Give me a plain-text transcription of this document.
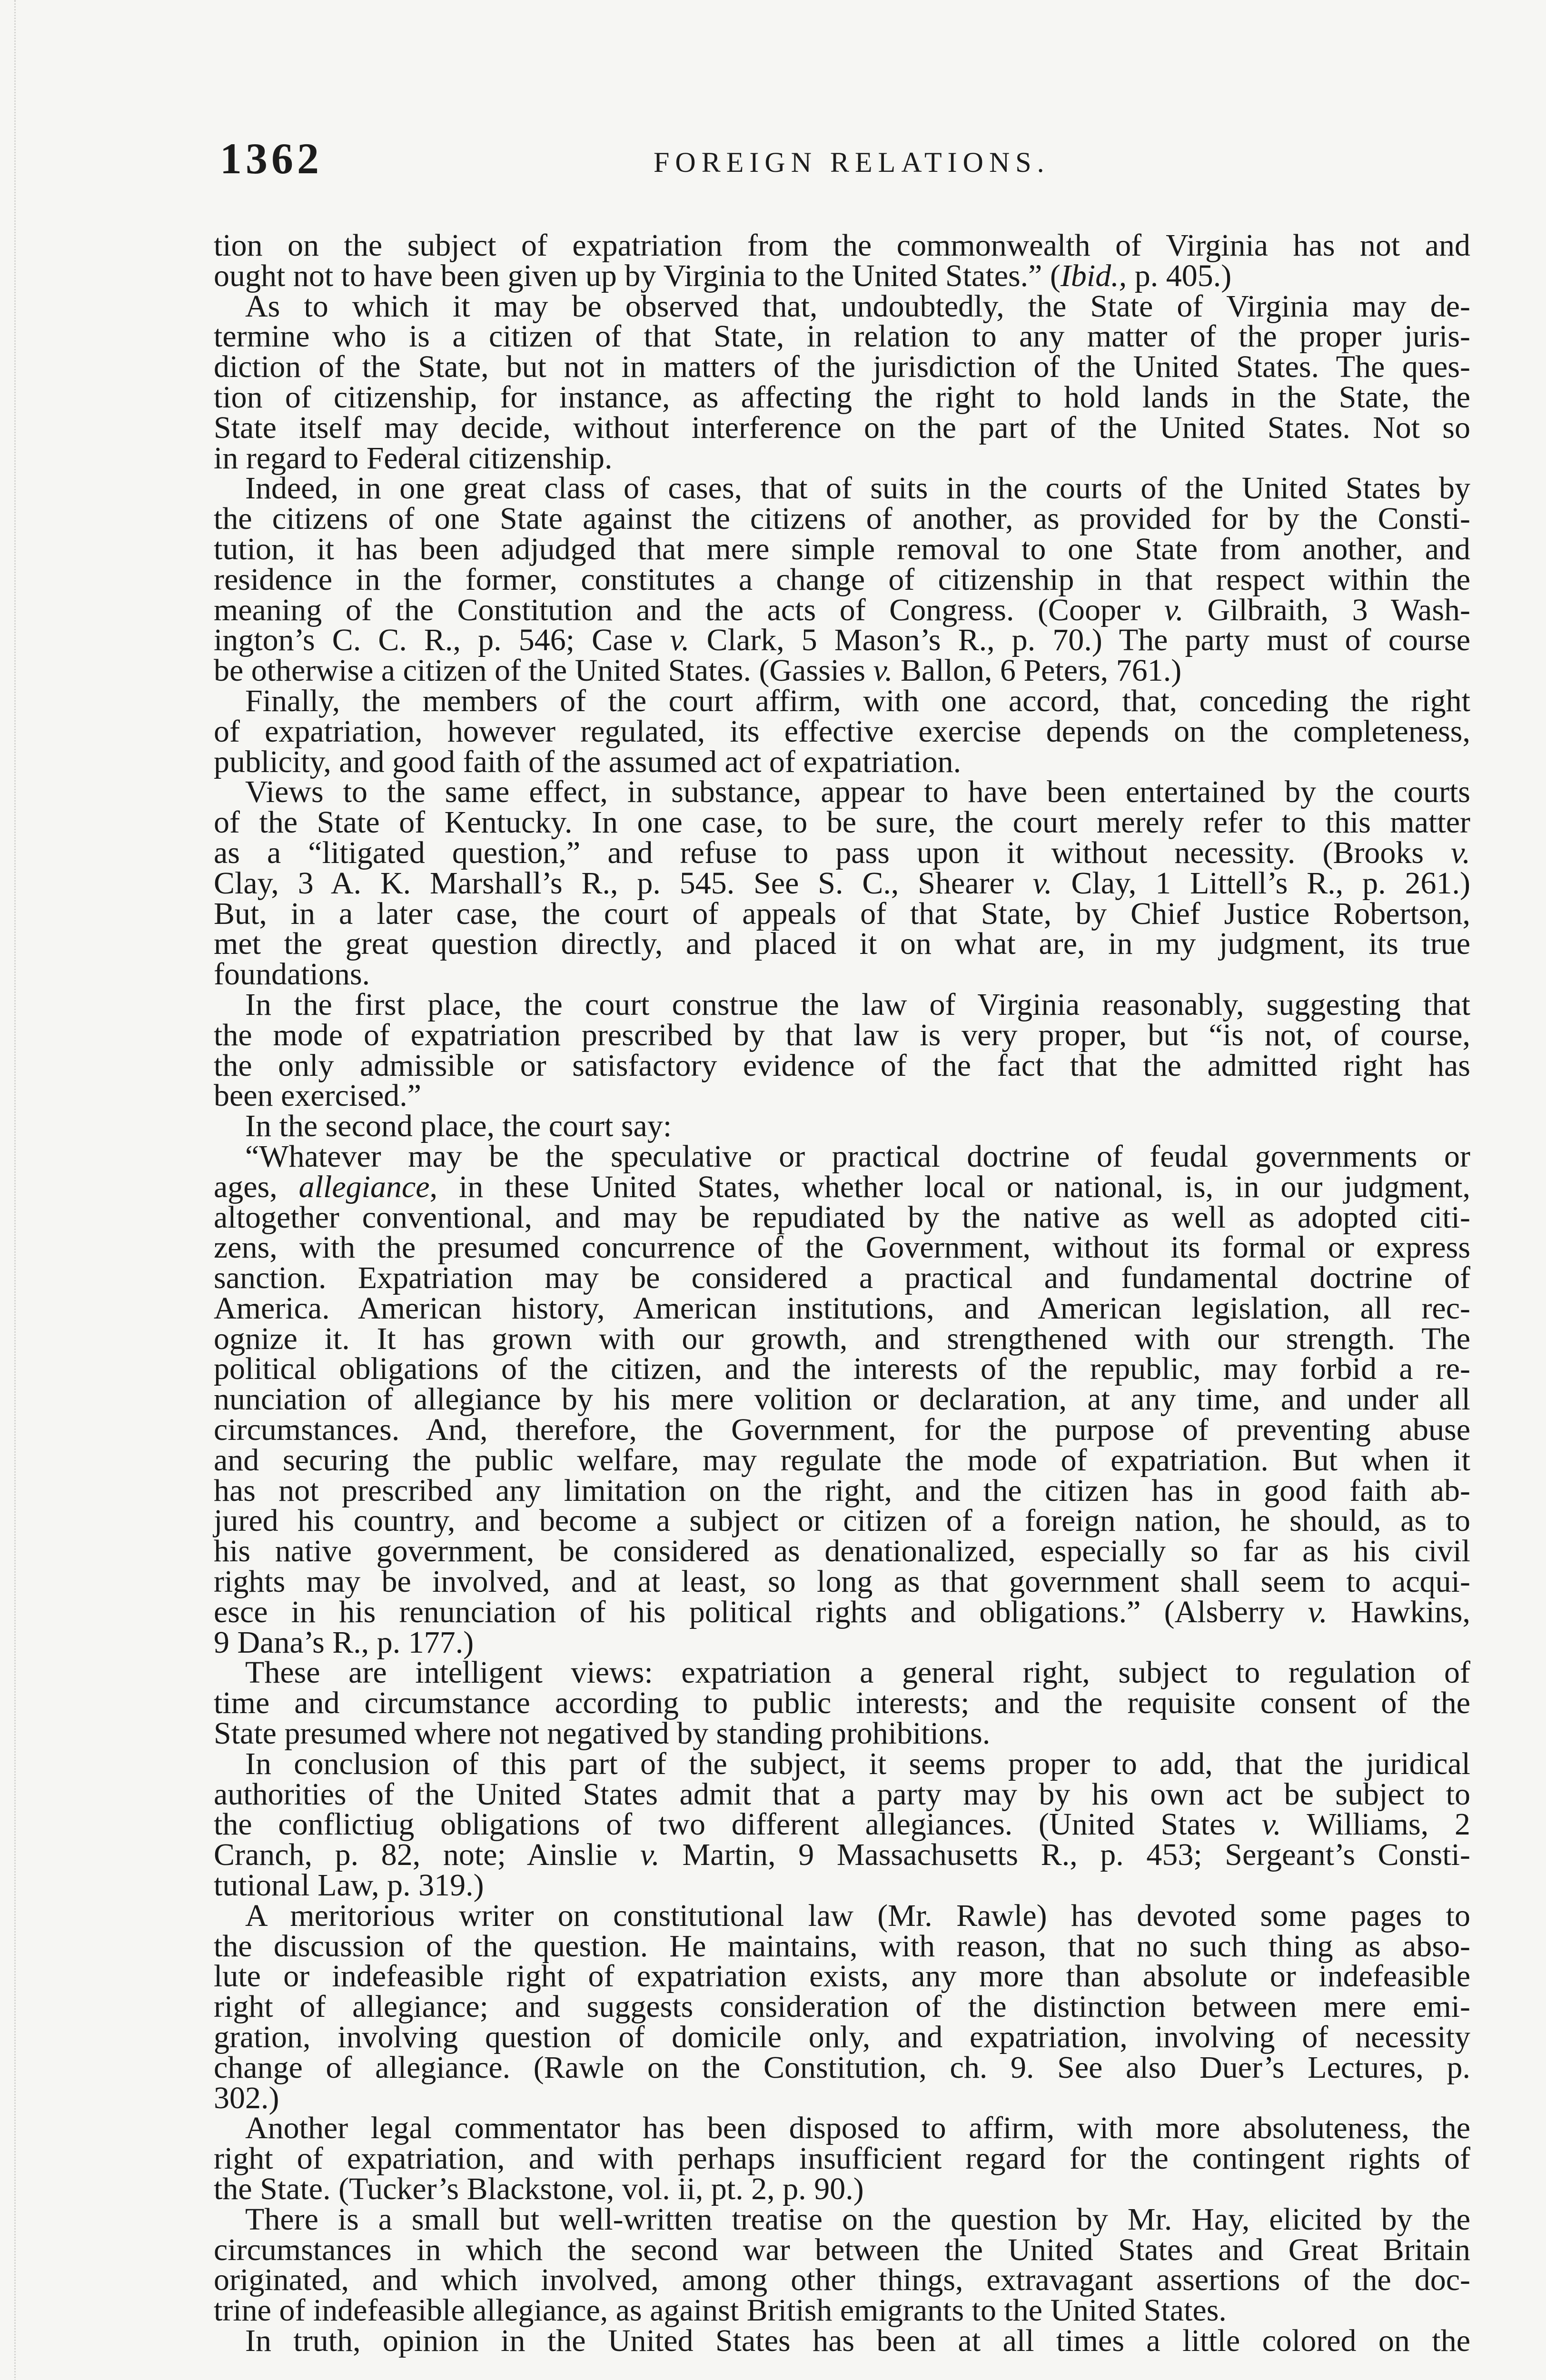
1362	FOREIGN RELATIONS.
tion on the subject of expatriation from the commonwealth of Virginia has not and
ought not to have been given up by Virginia to the United States.” (Ibid., p. 405.)
As to which it may be observed that, undoubtedly, the State of Virginia may de-
termine who is a citizen of that State, in relation to any matter of the proper juris-
diction of the State, but not in matters of the jurisdiction of the United States. The ques-
tion of citizenship, for instance, as affecting the right to hold lands in the State, the
State itself may decide, without interference on the part of the United States. Not so
in regard to Federal citizenship.
Indeed, in one great class of cases, that of suits in the courts of the United States by
the citizens of one State against the citizens of another, as provided for by the Consti-
tution, it has been adjudged that mere simple removal to one State from another, and
residence in the former, constitutes a change of citizenship in that respect within the
meaning of the Constitution and the acts of Congress. (Cooper v. Gilbraith, 3 Wash-
ington’s C. C. R., p. 546; Case v. Clark, 5 Mason’s R., p. 70.) The party must of course
be otherwise a citizen of the United States. (Gassies v. Ballon, 6 Peters, 761.)
Finally, the members of the court affirm, with one accord, that, conceding the right
of expatriation, however regulated, its effective exercise depends on the completeness,
publicity, and good faith of the assumed act of expatriation.
Views to the same effect, in substance, appear to have been entertained by the courts
of the State of Kentucky. In one case, to be sure, the court merely refer to this matter
as a “litigated question,” and refuse to pass upon it without necessity. (Brooks v.
Clay, 3 A. K. Marshall’s R., p. 545. See S. C., Shearer v. Clay, 1 Littell’s R., p. 261.)
But, in a later case, the court of appeals of that State, by Chief Justice Robertson,
met the great question directly, and placed it on what are, in my judgment, its true
foundations.
In the first place, the court construe the law of Virginia reasonably, suggesting that
the mode of expatriation prescribed by that law is very proper, but “is not, of course,
the only admissible or satisfactory evidence of the fact that the admitted right has
been exercised.”
In the second place, the court say:
“Whatever may be the speculative or practical doctrine of feudal governments or
ages, allegiance, in these United States, whether local or national, is, in our judgment,
altogether conventional, and may be repudiated by the native as well as adopted citi-
zens, with the presumed concurrence of the Government, without its formal or express
sanction. Expatriation may be considered a practical and fundamental doctrine of
America. American history, American institutions, and American legislation, all rec-
ognize it. It has grown with our growth, and strengthened with our strength. The
political obligations of the citizen, and the interests of the republic, may forbid a re-
nunciation of allegiance by his mere volition or declaration, at any time, and under all
circumstances. And, therefore, the Government, for the purpose of preventing abuse
and securing the public welfare, may regulate the mode of expatriation. But when it
has not prescribed any limitation on the right, and the citizen has in good faith ab-
jured his country, and become a subject or citizen of a foreign nation, he should, as to
his native government, be considered as denationalized, especially so far as his civil
rights may be involved, and at least, so long as that government shall seem to acqui-
esce in his renunciation of his political rights and obligations.” (Alsberry v. Hawkins,
9 Dana’s R., p. 177.)
These are intelligent views: expatriation a general right, subject to regulation of
time and circumstance according to public interests; and the requisite consent of the
State presumed where not negatived by standing prohibitions.
In conclusion of this part of the subject, it seems proper to add, that the juridical
authorities of the United States admit that a party may by his own act be subject to
the conflictiug obligations of two different allegiances. (United States v. Williams, 2
Cranch, p. 82, note; Ainslie v. Martin, 9 Massachusetts R., p. 453; Sergeant’s Consti-
tutional Law, p. 319.)
A meritorious writer on constitutional law (Mr. Rawle) has devoted some pages to
the discussion of the question. He maintains, with reason, that no such thing as abso-
lute or indefeasible right of expatriation exists, any more than absolute or indefeasible
right of allegiance; and suggests consideration of the distinction between mere emi-
gration, involving question of domicile only, and expatriation, involving of necessity
change of allegiance. (Rawle on the Constitution, ch. 9. See also Duer’s Lectures, p.
302.)
Another legal commentator has been disposed to affirm, with more absoluteness, the
right of expatriation, and with perhaps insufficient regard for the contingent rights of
the State. (Tucker’s Blackstone, vol. ii, pt. 2, p. 90.)
There is a small but well-written treatise on the question by Mr. Hay, elicited by the
circumstances in which the second war between the United States and Great Britain
originated, and which involved, among other things, extravagant assertions of the doc-
trine of indefeasible allegiance, as against British emigrants to the United States.
In truth, opinion in the United States has been at all times a little colored on the
